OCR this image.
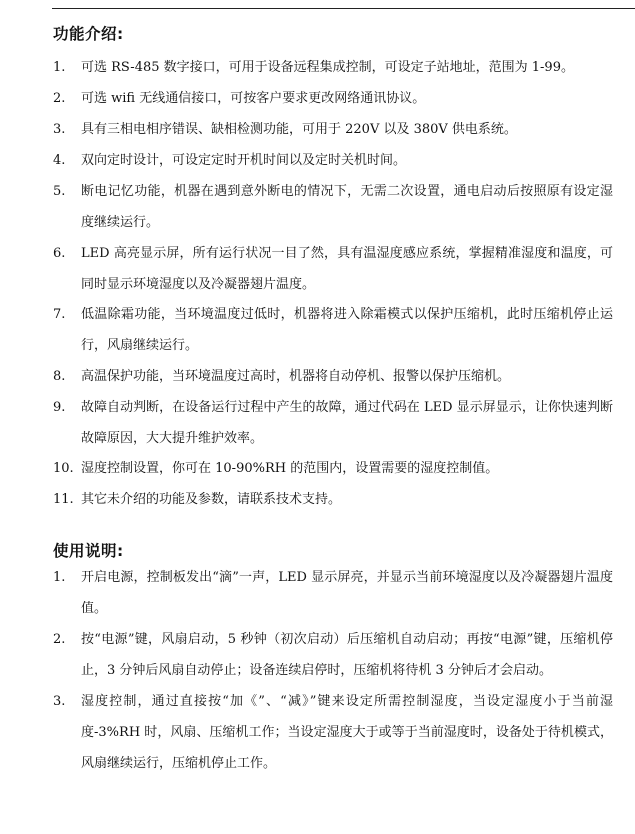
功能介绍:
1. 可选 RS-485 数字接口，可用于设备远程集成控制，可设定子站地址，范围为 1-99。
2. 可选 wifi 无线通信接口，可按客户要求更改网络通讯协议。
3. 具有三相电相序错误、缺相检测功能，可用于 220V 以及 380V 供电系统。
4. 双向定时设计，可设定定时开机时间以及定时关机时间。
5. 断电记忆功能，机器在遇到意外断电的情况下，无需二次设置，通电启动后按照原有设定湿度继续运行。
6. LED 高亮显示屏，所有运行状况一目了然，具有温湿度感应系统，掌握精准湿度和温度，可同时显示环境湿度以及冷凝器翅片温度。
7. 低温除霜功能，当环境温度过低时，机器将进入除霜模式以保护压缩机，此时压缩机停止运行，风扇继续运行。
8. 高温保护功能，当环境温度过高时，机器将自动停机、报警以保护压缩机。
9. 故障自动判断，在设备运行过程中产生的故障，通过代码在 LED 显示屏显示，让你快速判断故障原因，大大提升维护效率。
10. 湿度控制设置，你可在 10-90%RH 的范围内，设置需要的湿度控制值。
11. 其它未介绍的功能及参数，请联系技术支持。
使用说明:
1. 开启电源，控制板发出“滴”一声，LED 显示屏亮，并显示当前环境湿度以及冷凝器翅片温度值。
2. 按“电源”键，风扇启动，5 秒钟（初次启动）后压缩机自动启动；再按“电源”键，压缩机停止，3 分钟后风扇自动停止；设备连续启停时，压缩机将待机 3 分钟后才会启动。
3. 湿度控制，通过直接按“加《”、“减》”键来设定所需控制湿度，当设定湿度小于当前湿度-3%RH 时，风扇、压缩机工作；当设定湿度大于或等于当前湿度时，设备处于待机模式，风扇继续运行，压缩机停止工作。
